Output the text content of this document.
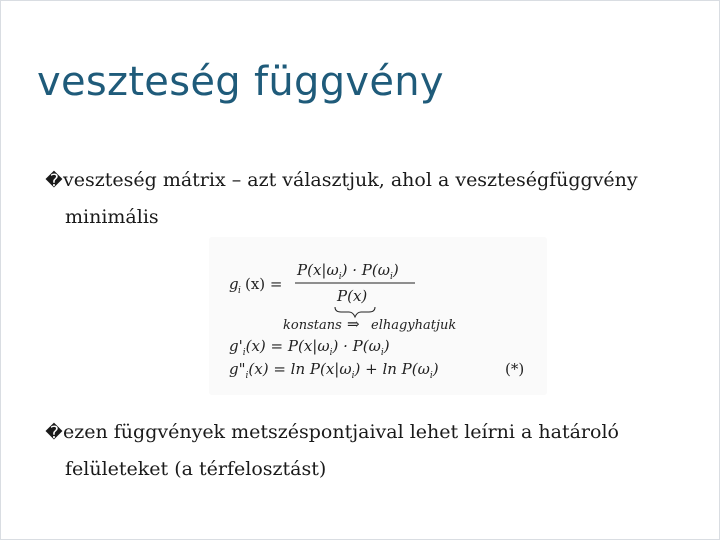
veszteség függvény
�veszteség mátrix – azt választjuk, ahol a veszteségfüggvény
minimális
g i (x) =
$P(x|\omega_i) \cdot P(\omega_i)$
P(x)
konstans ⇒ elhagyhatjuk
$g'_i(x) = P(x|\omega_i) \cdot P(\omega_i)$
$g"_i(x) = \ln P(x|\omega_i) + \ln P(\omega_i)$	(*)
�ezen függvények metszéspontjaival lehet leírni a határoló
felületeket (a térfelosztást)
